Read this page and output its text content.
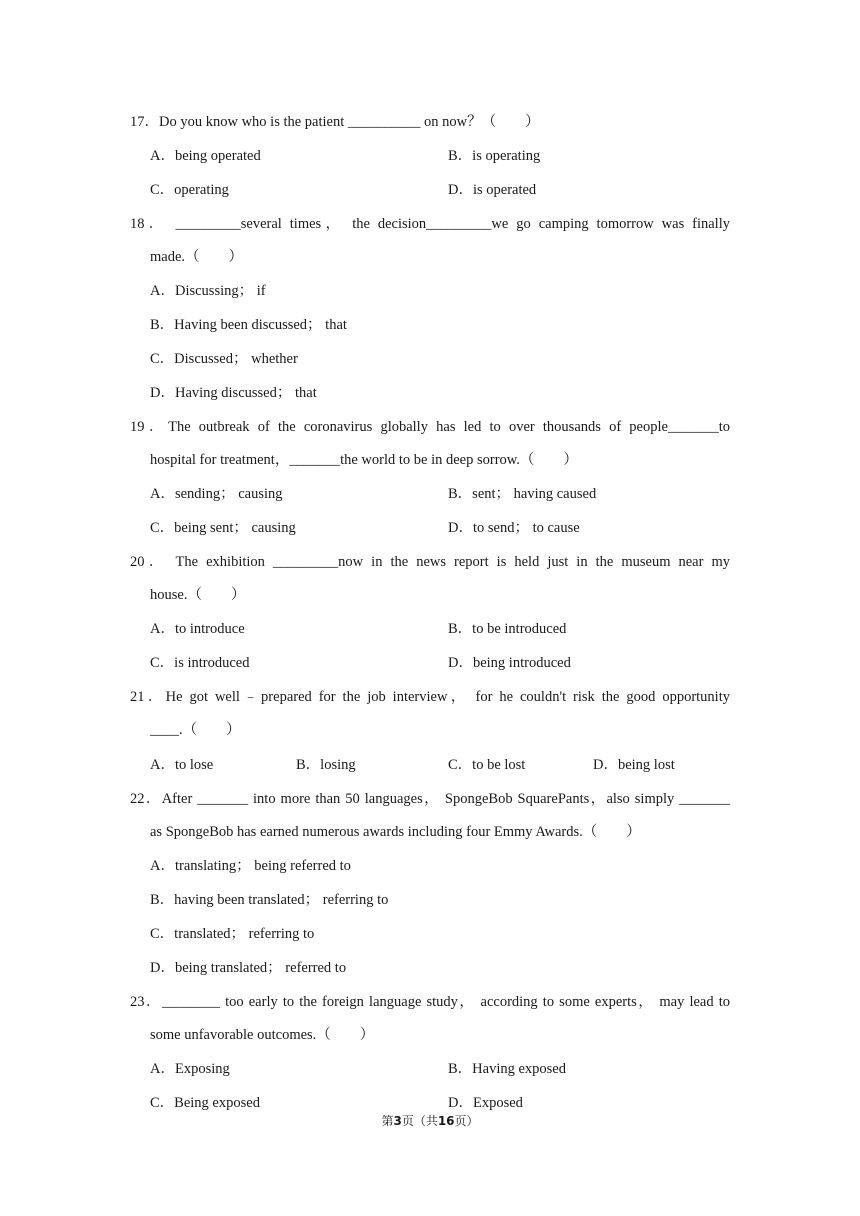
17．Do you know who is the patient __________ on now？（　　）
A．being operated	B．is operating
C．operating	D．is operated
18． _________several times， the decision_________we go camping tomorrow was finally
made.（　　）
A．Discussing； if
B．Having been discussed； that
C．Discussed； whether
D．Having discussed； that
19．The outbreak of the coronavirus globally has led to over thousands of people_______to
hospital for treatment，_______the world to be in deep sorrow.（　　）
A．sending； causing	B．sent； having caused
C．being sent； causing	D．to send； to cause
20． The exhibition _________now in the news report is held just in the museum near my
house.（　　）
A．to introduce	B．to be introduced
C．is introduced	D．being introduced
21．He got well﹣prepared for the job interview， for he couldn't risk the good opportunity
____.（　　）
A．to lose	B．losing	C．to be lost	D．being lost
22．After _______ into more than 50 languages， SpongeBob SquarePants，also simply _______
as SpongeBob has earned numerous awards including four Emmy Awards.（　　）
A．translating； being referred to
B．having been translated； referring to
C．translated； referring to
D．being translated； referred to
23．________ too early to the foreign language study， according to some experts， may lead to
some unfavorable outcomes.（　　）
A．Exposing	B．Having exposed
C．Being exposed	D．Exposed
第3页（共16页）
